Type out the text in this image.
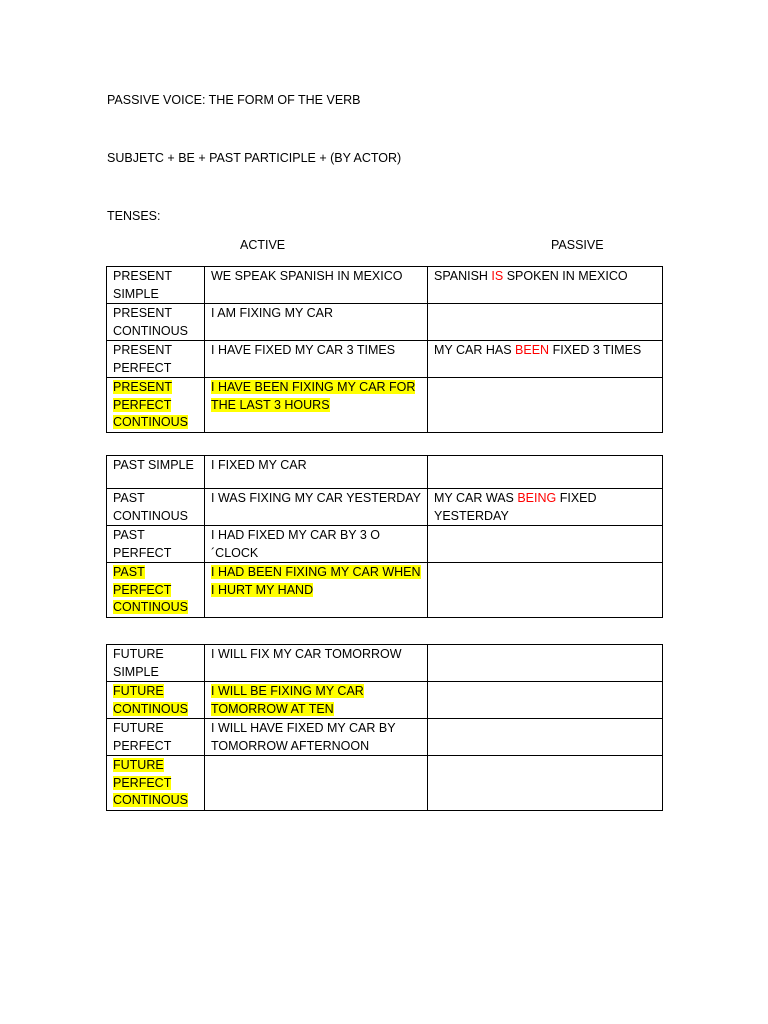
PASSIVE VOICE: THE FORM OF THE VERB
SUBJETC + BE + PAST PARTICIPLE + (BY ACTOR)
TENSES:
ACTIVE	PASSIVE
PRESENT SIMPLE	WE SPEAK SPANISH IN MEXICO	SPANISH IS SPOKEN IN MEXICO
PRESENT CONTINOUS	I AM FIXING MY CAR	
PRESENT PERFECT	I HAVE FIXED MY CAR 3 TIMES	MY CAR HAS BEEN FIXED 3 TIMES
PRESENT PERFECT CONTINOUS	I HAVE BEEN FIXING MY CAR FOR THE LAST 3 HOURS	
PAST SIMPLE	I FIXED MY CAR	
PAST CONTINOUS	I WAS FIXING MY CAR YESTERDAY	MY CAR WAS BEING FIXED YESTERDAY
PAST PERFECT	I HAD FIXED MY CAR BY 3 O´CLOCK	
PAST PERFECT CONTINOUS	I HAD BEEN FIXING MY CAR WHEN I HURT MY HAND	
FUTURE SIMPLE	I WILL FIX MY CAR TOMORROW	
FUTURE CONTINOUS	I WILL BE FIXING MY CAR TOMORROW AT TEN	
FUTURE PERFECT	I WILL HAVE FIXED MY CAR BY TOMORROW AFTERNOON	
FUTURE PERFECT CONTINOUS		
